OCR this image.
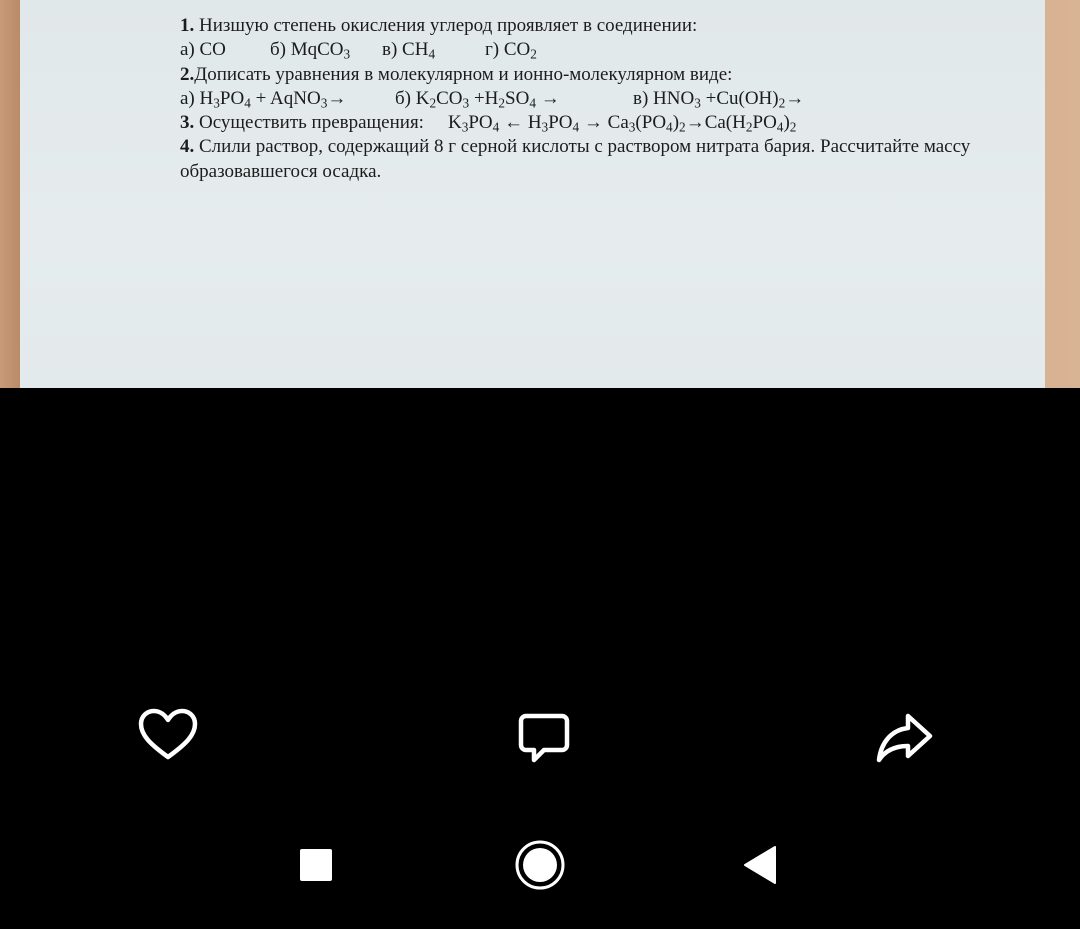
1. Низшую степень окисления углерод проявляет в соединении:
а) CO б) MqCO$_3$ в) $CH_4$	г) $CO_2$
2.Дописать уравнения в молекулярном и ионно-молекулярном виде:
а) $H_3PO_4$ + AqNO$_3$→	б) $K_2CO_3 +H_2SO_4$ →	в) $HNO_3 +Cu(OH)_2\to$
3. Осуществить превращения: $K_3PO_4$ ← $H_3PO_4 \to Ca_3(PO_4)_2\to Ca(H_2PO_4)_2$
4. Слили раствор, содержащий 8 г серной кислоты с раствором нитрата бария. Рассчитайте массу образовавшегося осадка.
